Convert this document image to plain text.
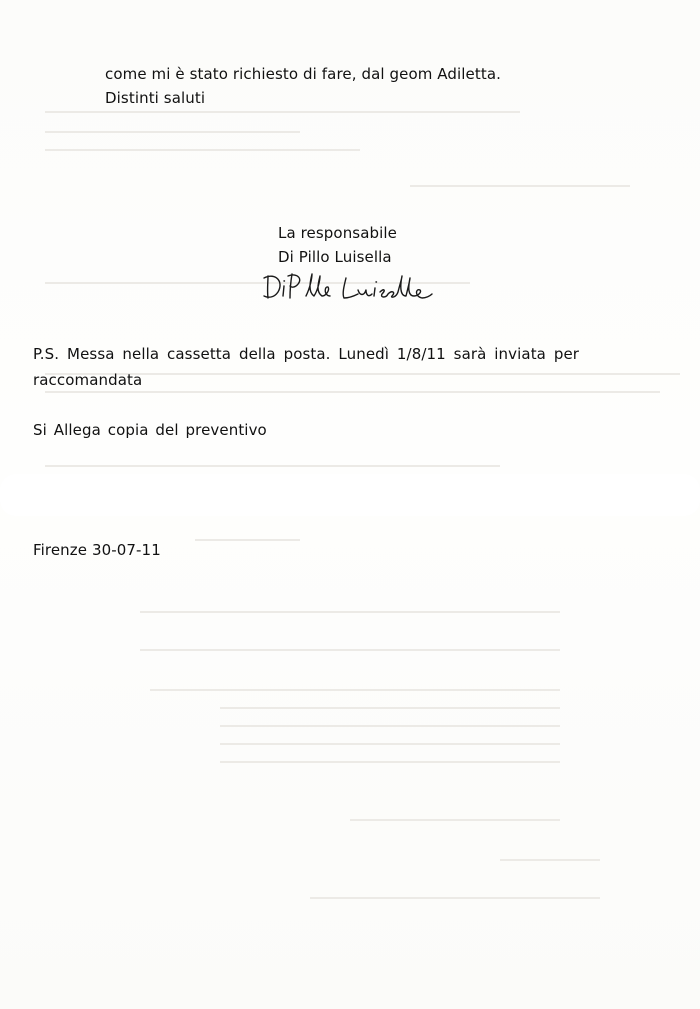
come mi è stato richiesto di fare, dal geom Adiletta.
Distinti saluti
La responsabile
Di Pillo Luisella
P.S. Messa nella cassetta della posta. Lunedì 1/8/11 sarà inviata per
raccomandata
Si Allega copia del preventivo
Firenze 30-07-11
